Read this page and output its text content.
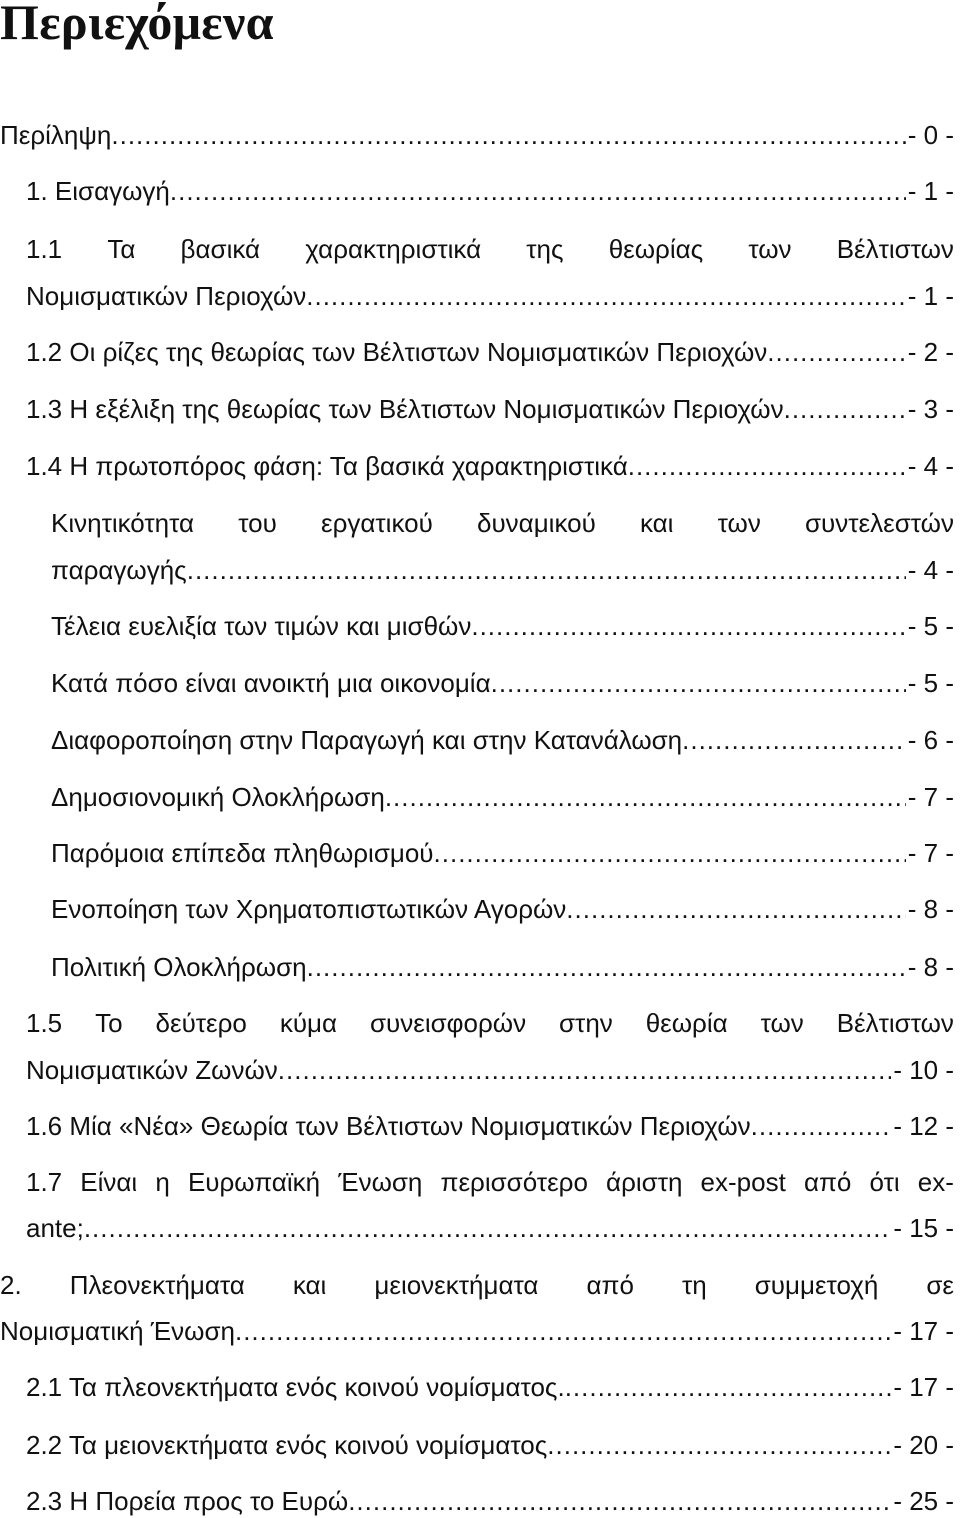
Περιεχόμενα
Περίληψη .....	- 0 -
1. Εισαγωγή .....	- 1 -
1.1 Τα βασικά χαρακτηριστικά της θεωρίας των Βέλτιστων
Νομισματικών Περιοχών .....	- 1 -
1.2 Οι ρίζες της θεωρίας των Βέλτιστων Νομισματικών Περιοχών .....	- 2 -
1.3 Η εξέλιξη της θεωρίας των Βέλτιστων Νομισματικών Περιοχών .....	- 3 -
1.4 Η πρωτοπόρος φάση: Τα βασικά χαρακτηριστικά .....	- 4 -
Κινητικότητα του εργατικού δυναμικού και των συντελεστών
παραγωγής .....	- 4 -
Τέλεια ευελιξία των τιμών και μισθών .....	- 5 -
Κατά πόσο είναι ανοικτή μια οικονομία .....	- 5 -
Διαφοροποίηση στην Παραγωγή και στην Κατανάλωση .....	- 6 -
Δημοσιονομική Ολοκλήρωση .....	- 7 -
Παρόμοια επίπεδα πληθωρισμού .....	- 7 -
Ενοποίηση των Χρηματοπιστωτικών Αγορών .....	- 8 -
Πολιτική Ολοκλήρωση .....	- 8 -
1.5 Το δεύτερο κύμα συνεισφορών στην θεωρία των Βέλτιστων
Νομισματικών Ζωνών .....	- 10 -
1.6 Μία «Νέα» Θεωρία των Βέλτιστων Νομισματικών Περιοχών .....	- 12 -
1.7 Είναι η Ευρωπαϊκή Ένωση περισσότερο άριστη ex-post από ότι ex-
ante; .....	- 15 -
2. Πλεονεκτήματα και μειονεκτήματα από τη συμμετοχή σε
Νομισματική Ένωση .....	- 17 -
2.1 Τα πλεονεκτήματα ενός κοινού νομίσματος. .....	- 17 -
2.2 Τα μειονεκτήματα ενός κοινού νομίσματος .....	- 20 -
2.3 Η Πορεία προς το Ευρώ .....	- 25 -
